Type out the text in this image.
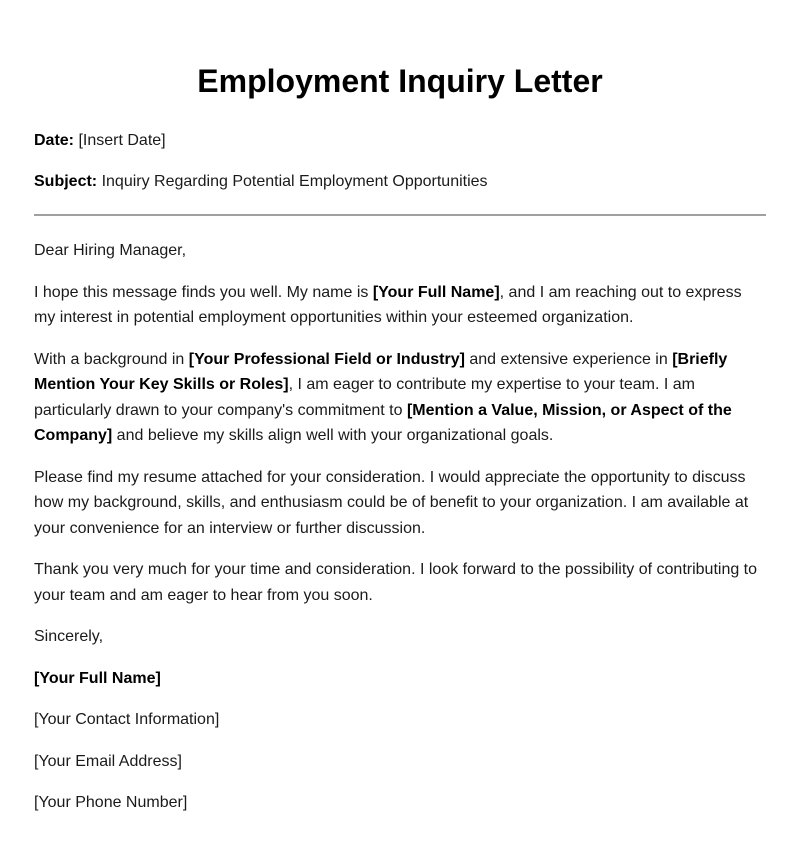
Employment Inquiry Letter

Date: [Insert Date]

Subject: Inquiry Regarding Potential Employment Opportunities

Dear Hiring Manager,

I hope this message finds you well. My name is [Your Full Name], and I am reaching out to express my interest in potential employment opportunities within your esteemed organization.

With a background in [Your Professional Field or Industry] and extensive experience in [Briefly Mention Your Key Skills or Roles], I am eager to contribute my expertise to your team. I am particularly drawn to your company's commitment to [Mention a Value, Mission, or Aspect of the Company] and believe my skills align well with your organizational goals.

Please find my resume attached for your consideration. I would appreciate the opportunity to discuss how my background, skills, and enthusiasm could be of benefit to your organization. I am available at your convenience for an interview or further discussion.

Thank you very much for your time and consideration. I look forward to the possibility of contributing to your team and am eager to hear from you soon.

Sincerely,

[Your Full Name]

[Your Contact Information]

[Your Email Address]

[Your Phone Number]
